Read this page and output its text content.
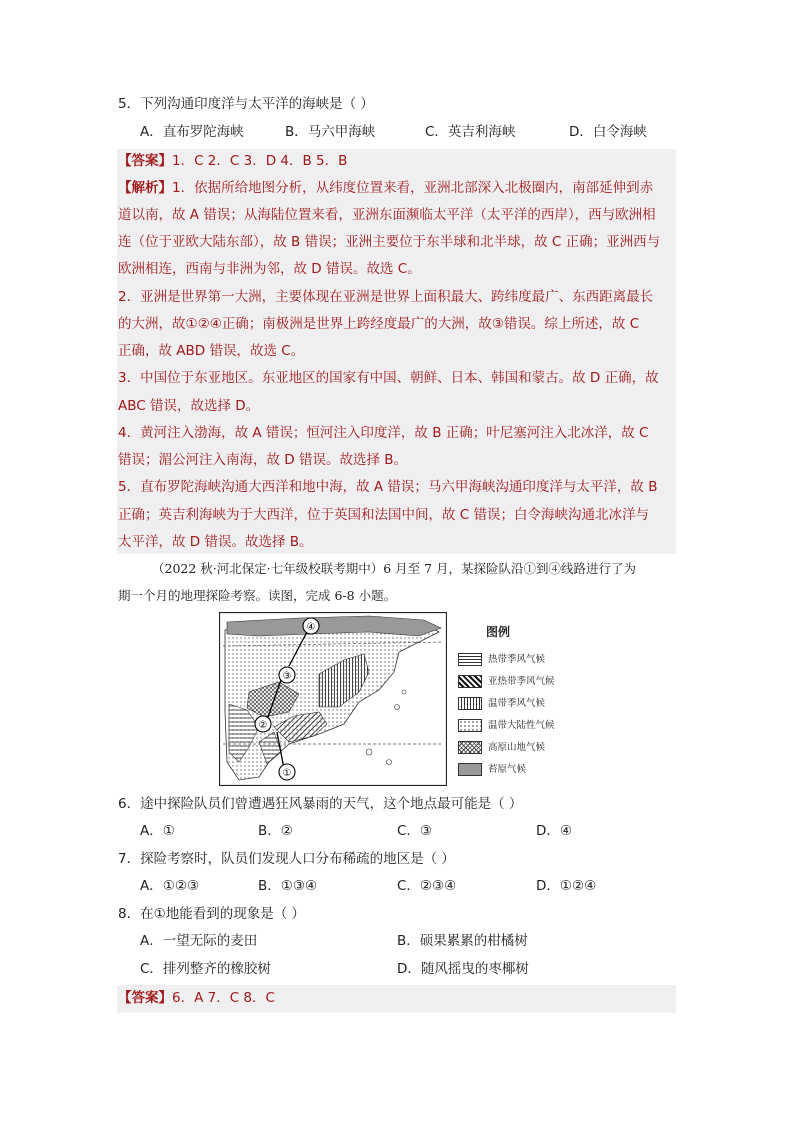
5．下列沟通印度洋与太平洋的海峡是（ ）
A．直布罗陀海峡	B．马六甲海峡	C．英吉利海峡	D．白令海峡
【答案】1．C 2．C 3．D 4．B 5．B
【解析】1．依据所给地图分析，从纬度位置来看，亚洲北部深入北极圈内，南部延伸到赤
道以南，故 A 错误；从海陆位置来看，亚洲东面濒临太平洋（太平洋的西岸），西与欧洲相
连（位于亚欧大陆东部），故 B 错误；亚洲主要位于东半球和北半球，故 C 正确；亚洲西与
欧洲相连，西南与非洲为邻，故 D 错误。故选 C。
2．亚洲是世界第一大洲，主要体现在亚洲是世界上面积最大、跨纬度最广、东西距离最长
的大洲，故①②④正确；南极洲是世界上跨经度最广的大洲，故③错误。综上所述，故 C
正确，故 ABD 错误，故选 C。
3．中国位于东亚地区。东亚地区的国家有中国、朝鲜、日本、韩国和蒙古。故 D 正确，故
ABC 错误，故选择 D。
4．黄河注入渤海，故 A 错误；恒河注入印度洋，故 B 正确；叶尼塞河注入北冰洋，故 C
错误；湄公河注入南海，故 D 错误。故选择 B。
5．直布罗陀海峡沟通大西洋和地中海，故 A 错误；马六甲海峡沟通印度洋与太平洋，故 B
正确；英吉利海峡为于大西洋，位于英国和法国中间，故 C 错误；白令海峡沟通北冰洋与
太平洋，故 D 错误。故选择 B。
（2022 秋·河北保定·七年级校联考期中）6 月至 7 月，某探险队沿①到④线路进行了为
期一个月的地理探险考察。读图，完成 6-8 小题。
①
②
③
④	图例
热带季风气候
亚热带季风气候
温带季风气候
温带大陆性气候
高原山地气候
苔原气候
6．途中探险队员们曾遭遇狂风暴雨的天气，这个地点最可能是（ ）
A．①	B．②	C．③	D．④
7．探险考察时，队员们发现人口分布稀疏的地区是（ ）
A．①②③	B．①③④	C．②③④	D．①②④
8．在①地能看到的现象是（ ）
A．一望无际的麦田	B．硕果累累的柑橘树
C．排列整齐的橡胶树	D．随风摇曳的枣椰树
【答案】6．A 7．C 8．C
